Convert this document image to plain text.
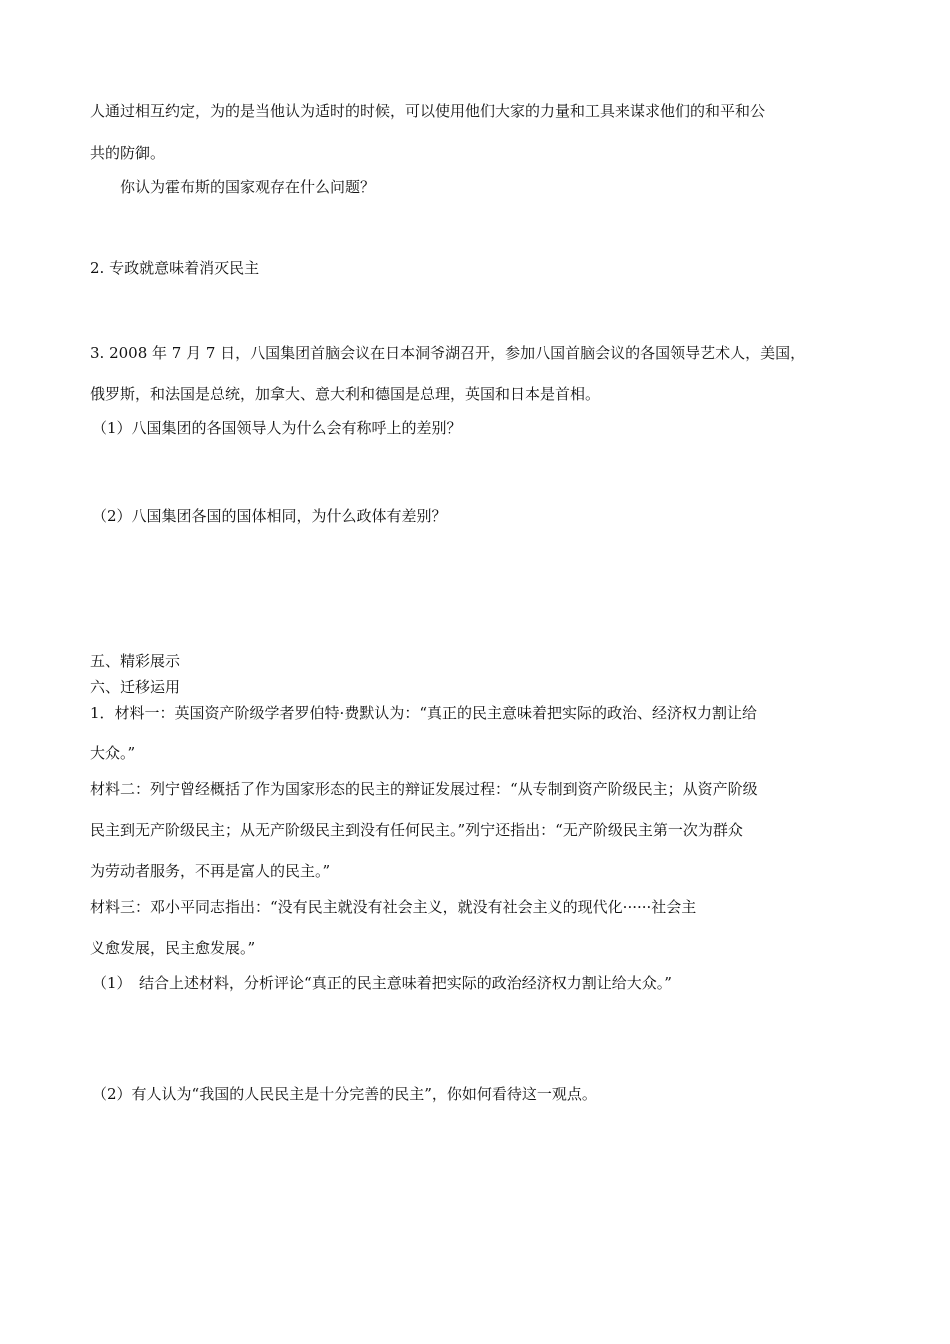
人通过相互约定，为的是当他认为适时的时候，可以使用他们大家的力量和工具来谋求他们的和平和公
共的防御。
你认为霍布斯的国家观存在什么问题？
2. 专政就意味着消灭民主
3. 2008 年 7 月 7 日，八国集团首脑会议在日本洞爷湖召开，参加八国首脑会议的各国领导艺术人，美国，
俄罗斯，和法国是总统，加拿大、意大利和德国是总理，英国和日本是首相。
（1）八国集团的各国领导人为什么会有称呼上的差别？
（2）八国集团各国的国体相同，为什么政体有差别？
五、精彩展示
六、迁移运用
1．材料一：英国资产阶级学者罗伯特·费默认为：“真正的民主意味着把实际的政治、经济权力割让给
大众。”
材料二：列宁曾经概括了作为国家形态的民主的辩证发展过程：“从专制到资产阶级民主；从资产阶级
民主到无产阶级民主；从无产阶级民主到没有任何民主。”列宁还指出：“无产阶级民主第一次为群众
为劳动者服务，不再是富人的民主。”
材料三：邓小平同志指出：“没有民主就没有社会主义，就没有社会主义的现代化······社会主
义愈发展，民主愈发展。”
（1）　结合上述材料，分析评论“真正的民主意味着把实际的政治经济权力割让给大众。”
（2）有人认为“我国的人民民主是十分完善的民主”，你如何看待这一观点。
